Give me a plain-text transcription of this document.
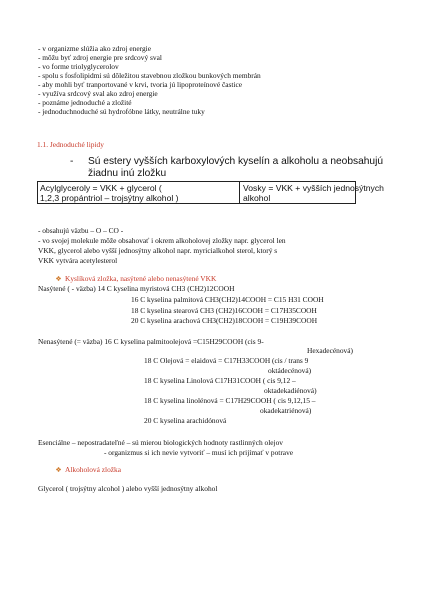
- v organizme slúžia ako zdroj energie
- môžu byť zdroj energie pre srdcový sval
- vo forme triolyglycerolov
- spolu s fosfolipidmi sú dôležitou stavebnou zložkou bunkových membrán
- aby mohli byť tranportované v krvi, tvoria jú lipoproteínové častice
- využíva srdcový sval ako zdroj energie
- poznáme jednoduché a zložité
- jednoduchnoduché sú hydrofóbne látky, neutrálne tuky
1.1. Jednoduché lipidy
- Sú estery vyšších karboxylových kyselín a alkoholu a neobsahujú
žiadnu inú zložku
Acylglyceroly = VKK + glycerol (
1,2,3 propántriol – trojsýtny alkohol )
Vosky = VKK + vyšších jednosýtnych
alkohol
- obsahujú väzbu – O – CO -
- vo svojej molekule môže obsahovať i okrem alkoholovej zložky napr. glycerol len
VKK, glycerol alebo vyšší jednosýtny alkohol napr. myricialkohol sterol, ktorý s
VKK vytvára acetylesterol
❖ Kyslíková zložka, nasýtené alebo nenasýtené VKK
Nasýtené ( - väzba) 14 C kyselina myristová CH3 (CH2)12COOH
16 C kyselina palmitová CH3(CH2)14COOH = C15 H31 COOH
18 C kyselina stearová CH3 (CH2)16COOH = C17H35COOH
20 C kyselina arachová CH3(CH2)18COOH = C19H39COOH
Nenasýtené (= väzba) 16 C kyselina palmitoolejová =C15H29COOH (cis 9-
Hexadecénová)
18 C Olejová = elaidová = C17H33COOH (cis / trans 9
oktádecénová)
18 C kyselina Linolová C17H31COOH ( cis 9,12 –
oktadekadiénová)
18 C kyselina linolénová = C17H29COOH ( cis 9,12,15 –
okadekatriénová)
20 C kyselina arachidónová
Esenciálne – nepostradateľné – sú mierou biologických hodnoty rastlinných olejov
- organizmus si ich nevie vytvoriť – musí ich prijímať v potrave
❖ Alkoholová zložka
Glycerol ( trojsýtny alcohol ) alebo vyšší jednosýtny alkohol
